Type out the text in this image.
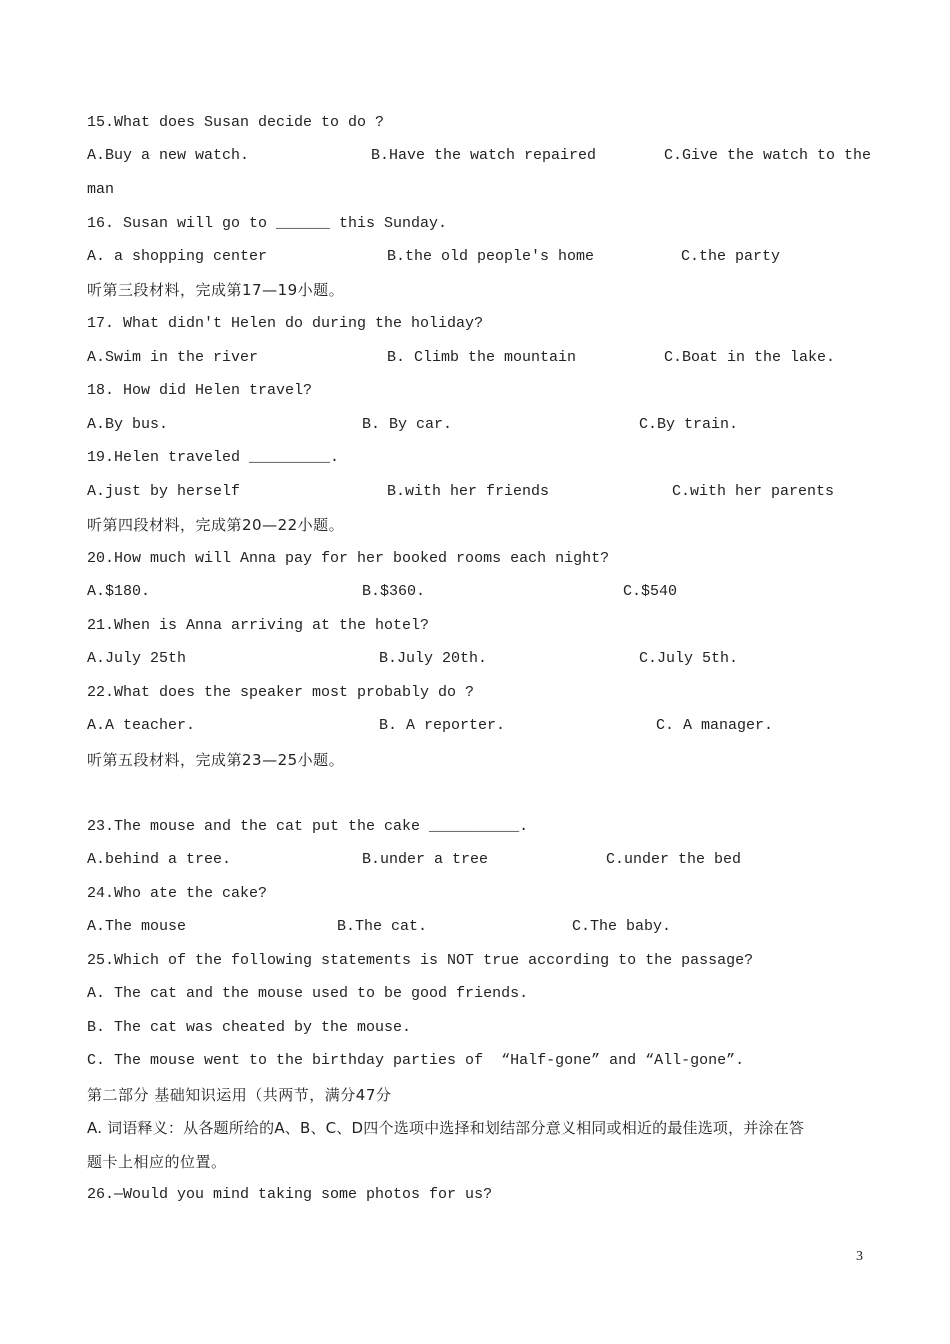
15.What does Susan decide to do ?
A.Buy a new watch.	B.Have the watch repaired	C.Give the watch to the
man
16. Susan will go to ______ this Sunday.
A. a shopping center	B.the old people's home	C.the party
听第三段材料，完成第17—19小题。
17. What didn't Helen do during the holiday?
A.Swim in the river	B. Climb the mountain	C.Boat in the lake.
18. How did Helen travel?
A.By bus.	B. By car.	C.By train.
19.Helen traveled _________.
A.just by herself	B.with her friends	C.with her parents
听第四段材料，完成第20—22小题。
20.How much will Anna pay for her booked rooms each night?
A.$180.	B.$360.	C.$540
21.When is Anna arriving at the hotel?
A.July 25th	B.July 20th.	C.July 5th.
22.What does the speaker most probably do ?
A.A teacher.	B. A reporter.	C. A manager.
听第五段材料，完成第23—25小题。
23.The mouse and the cat put the cake __________.
A.behind a tree.	B.under a tree	C.under the bed
24.Who ate the cake?
A.The mouse	B.The cat.	C.The baby.
25.Which of the following statements is NOT true according to the passage?
A. The cat and the mouse used to be good friends.
B. The cat was cheated by the mouse.
C. The mouse went to the birthday parties of  “Half-gone” and “All-gone”.
第二部分 基础知识运用（共两节，满分47分
A. 词语释义：从各题所给的A、B、C、D四个选项中选择和划结部分意义相同或相近的最佳选项，并涂在答
题卡上相应的位置。
26.—Would you mind taking some photos for us?
3
